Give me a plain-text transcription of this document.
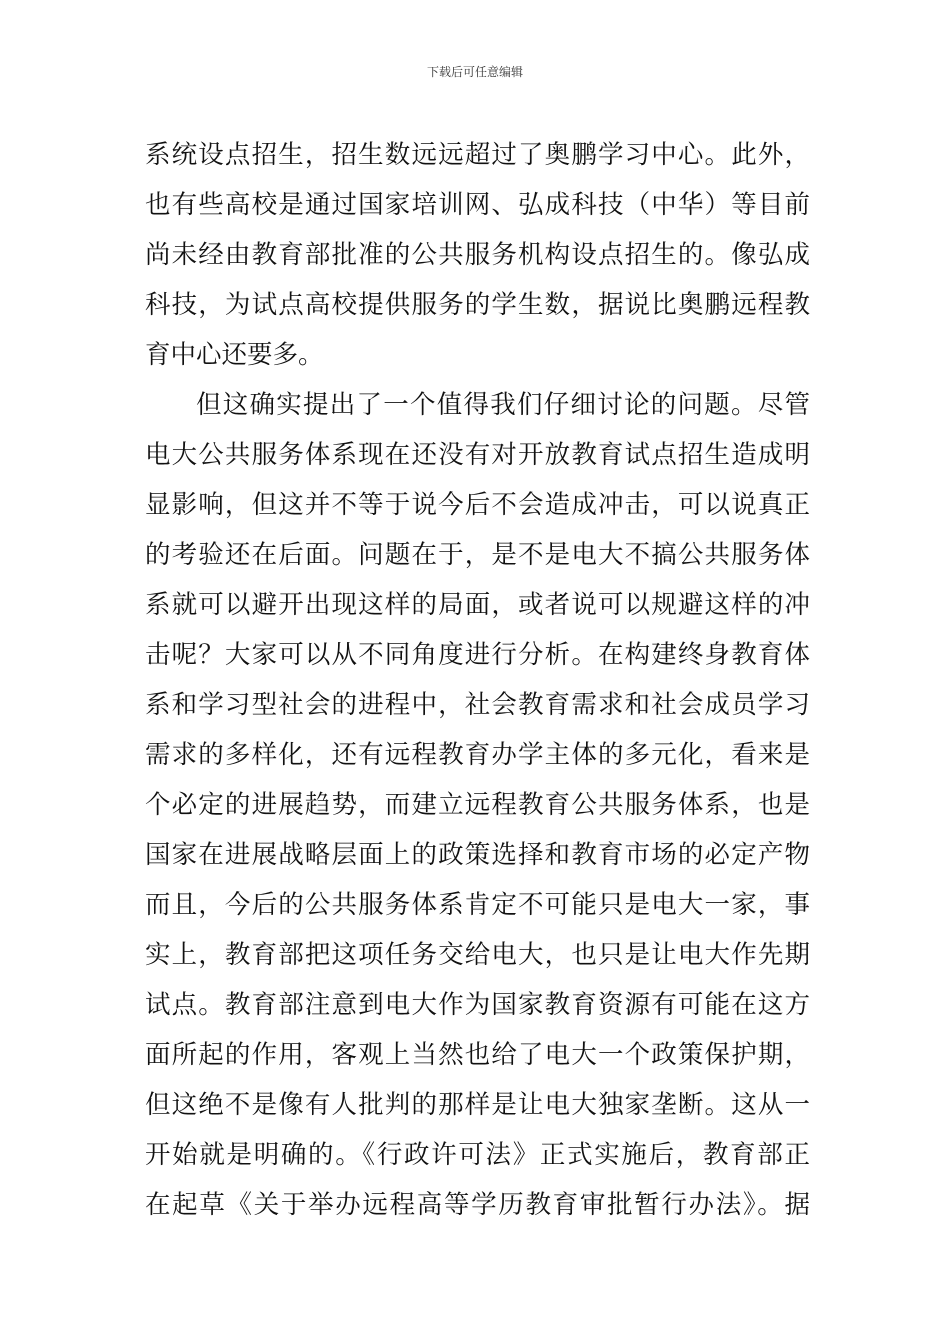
下载后可任意编辑
系统设点招生，招生数远远超过了奥鹏学习中心。此外，
也有些高校是通过国家培训网、弘成科技（中华）等目前
尚未经由教育部批准的公共服务机构设点招生的。像弘成
科技，为试点高校提供服务的学生数，据说比奥鹏远程教
育中心还要多。
但这确实提出了一个值得我们仔细讨论的问题。尽管
电大公共服务体系现在还没有对开放教育试点招生造成明
显影响，但这并不等于说今后不会造成冲击，可以说真正
的考验还在后面。问题在于，是不是电大不搞公共服务体
系就可以避开出现这样的局面，或者说可以规避这样的冲
击呢？大家可以从不同角度进行分析。在构建终身教育体
系和学习型社会的进程中，社会教育需求和社会成员学习
需求的多样化，还有远程教育办学主体的多元化，看来是
个必定的进展趋势，而建立远程教育公共服务体系，也是
国家在进展战略层面上的政策选择和教育市场的必定产物
而且，今后的公共服务体系肯定不可能只是电大一家，事
实上，教育部把这项任务交给电大，也只是让电大作先期
试点。教育部注意到电大作为国家教育资源有可能在这方
面所起的作用，客观上当然也给了电大一个政策保护期，
但这绝不是像有人批判的那样是让电大独家垄断。这从一
开始就是明确的。《行政许可法》正式实施后，教育部正
在起草《关于举办远程高等学历教育审批暂行办法》。据
